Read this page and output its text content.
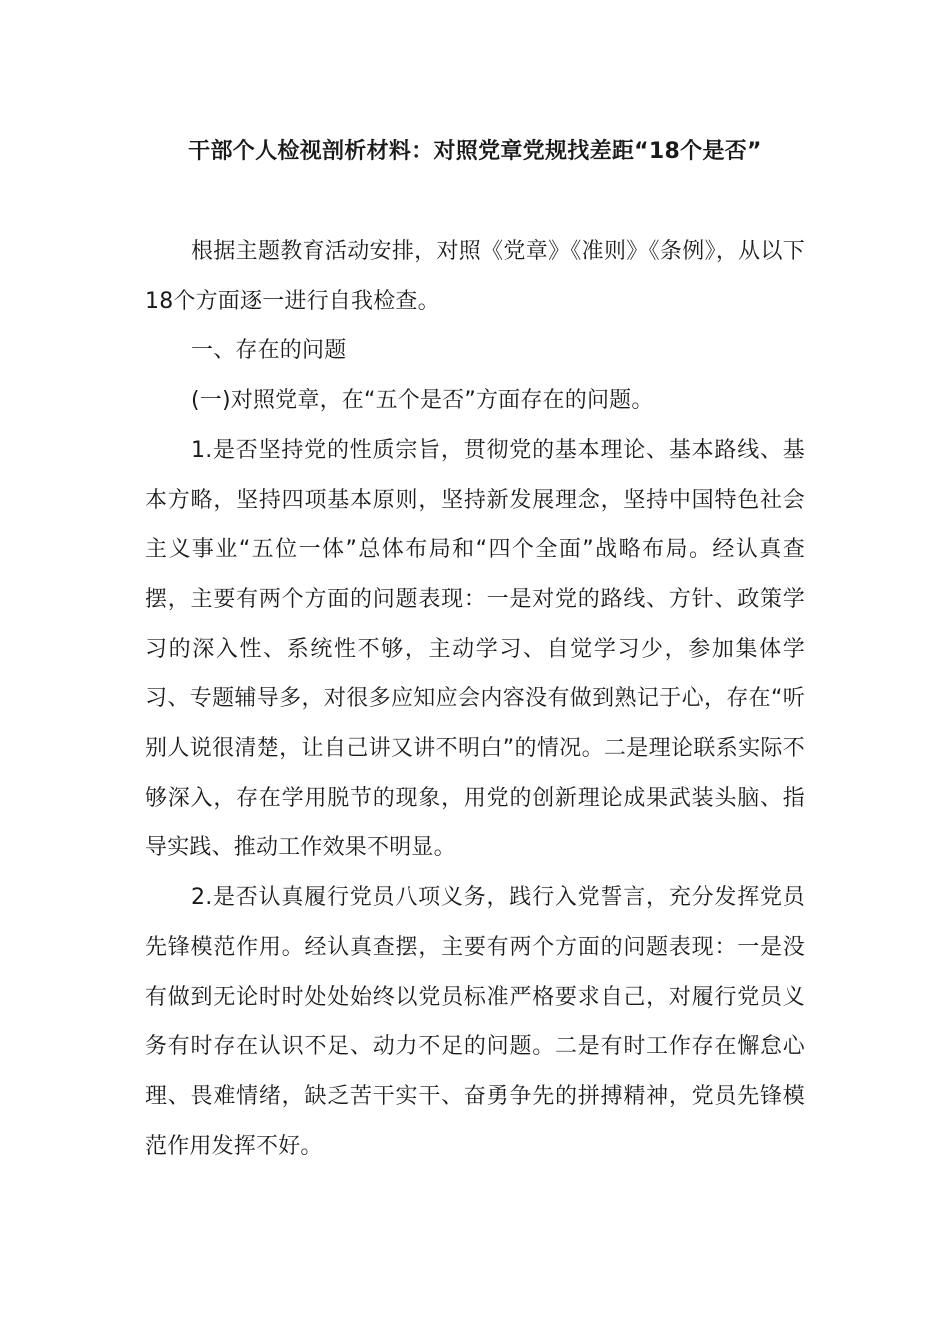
干部个人检视剖析材料：对照党章党规找差距“18个是否”

根据主题教育活动安排，对照《党章》《准则》《条例》，从以下18个方面逐一进行自我检查。

一、存在的问题

(一)对照党章，在“五个是否”方面存在的问题。

1.是否坚持党的性质宗旨，贯彻党的基本理论、基本路线、基本方略，坚持四项基本原则，坚持新发展理念，坚持中国特色社会主义事业“五位一体”总体布局和“四个全面”战略布局。经认真查摆，主要有两个方面的问题表现：一是对党的路线、方针、政策学习的深入性、系统性不够，主动学习、自觉学习少，参加集体学习、专题辅导多，对很多应知应会内容没有做到熟记于心，存在“听别人说很清楚，让自己讲又讲不明白”的情况。二是理论联系实际不够深入，存在学用脱节的现象，用党的创新理论成果武装头脑、指导实践、推动工作效果不明显。

2.是否认真履行党员八项义务，践行入党誓言，充分发挥党员先锋模范作用。经认真查摆，主要有两个方面的问题表现：一是没有做到无论时时处处始终以党员标准严格要求自己，对履行党员义务有时存在认识不足、动力不足的问题。二是有时工作存在懈怠心理、畏难情绪，缺乏苦干实干、奋勇争先的拼搏精神，党员先锋模范作用发挥不好。
